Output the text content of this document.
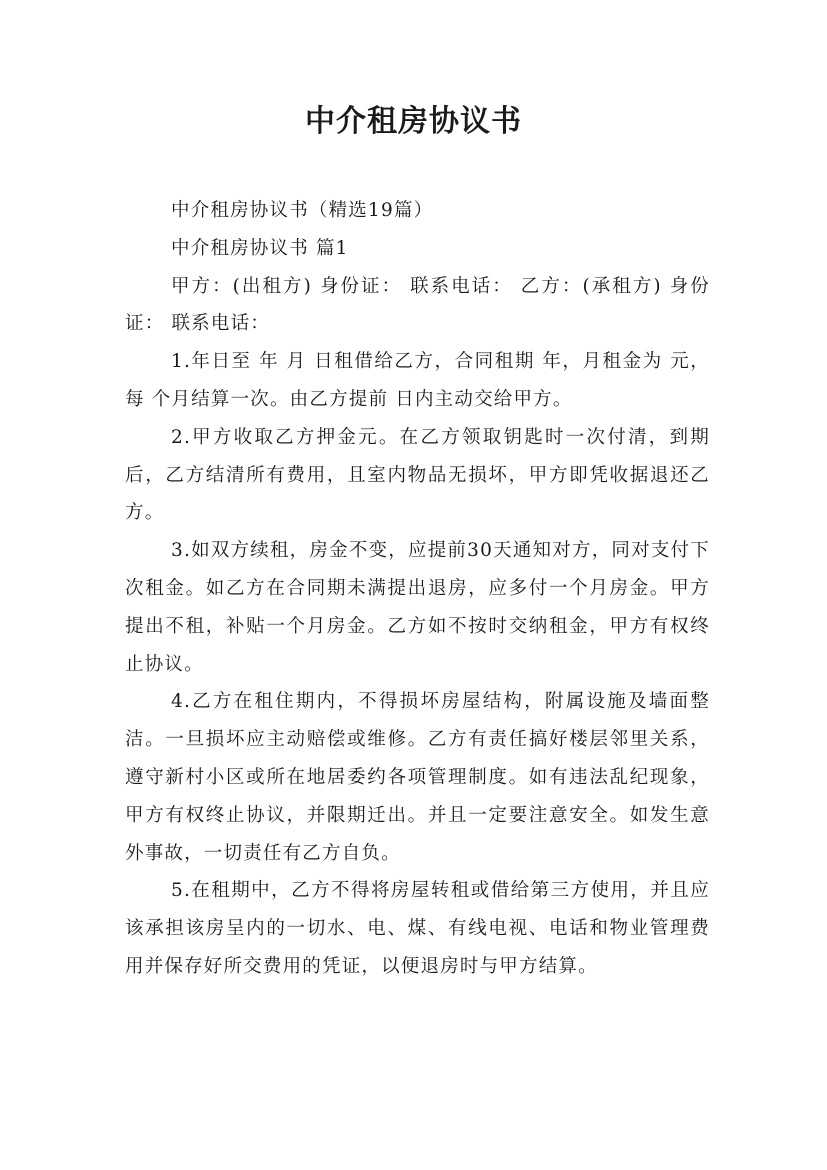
中介租房协议书

中介租房协议书（精选19篇）

中介租房协议书 篇1

甲方：(出租方) 身份证： 联系电话： 乙方：(承租方) 身份证： 联系电话：

1.年日至 年 月 日租借给乙方，合同租期 年，月租金为 元，每 个月结算一次。由乙方提前 日内主动交给甲方。

2.甲方收取乙方押金元。在乙方领取钥匙时一次付清，到期后，乙方结清所有费用，且室内物品无损坏，甲方即凭收据退还乙方。

3.如双方续租，房金不变，应提前30天通知对方，同对支付下次租金。如乙方在合同期未满提出退房，应多付一个月房金。甲方提出不租，补贴一个月房金。乙方如不按时交纳租金，甲方有权终止协议。

4.乙方在租住期内，不得损坏房屋结构，附属设施及墙面整洁。一旦损坏应主动赔偿或维修。乙方有责任搞好楼层邻里关系，遵守新村小区或所在地居委约各项管理制度。如有违法乱纪现象，甲方有权终止协议，并限期迁出。并且一定要注意安全。如发生意外事故，一切责任有乙方自负。

5.在租期中，乙方不得将房屋转租或借给第三方使用，并且应该承担该房呈内的一切水、电、煤、有线电视、电话和物业管理费用并保存好所交费用的凭证，以便退房时与甲方结算。
